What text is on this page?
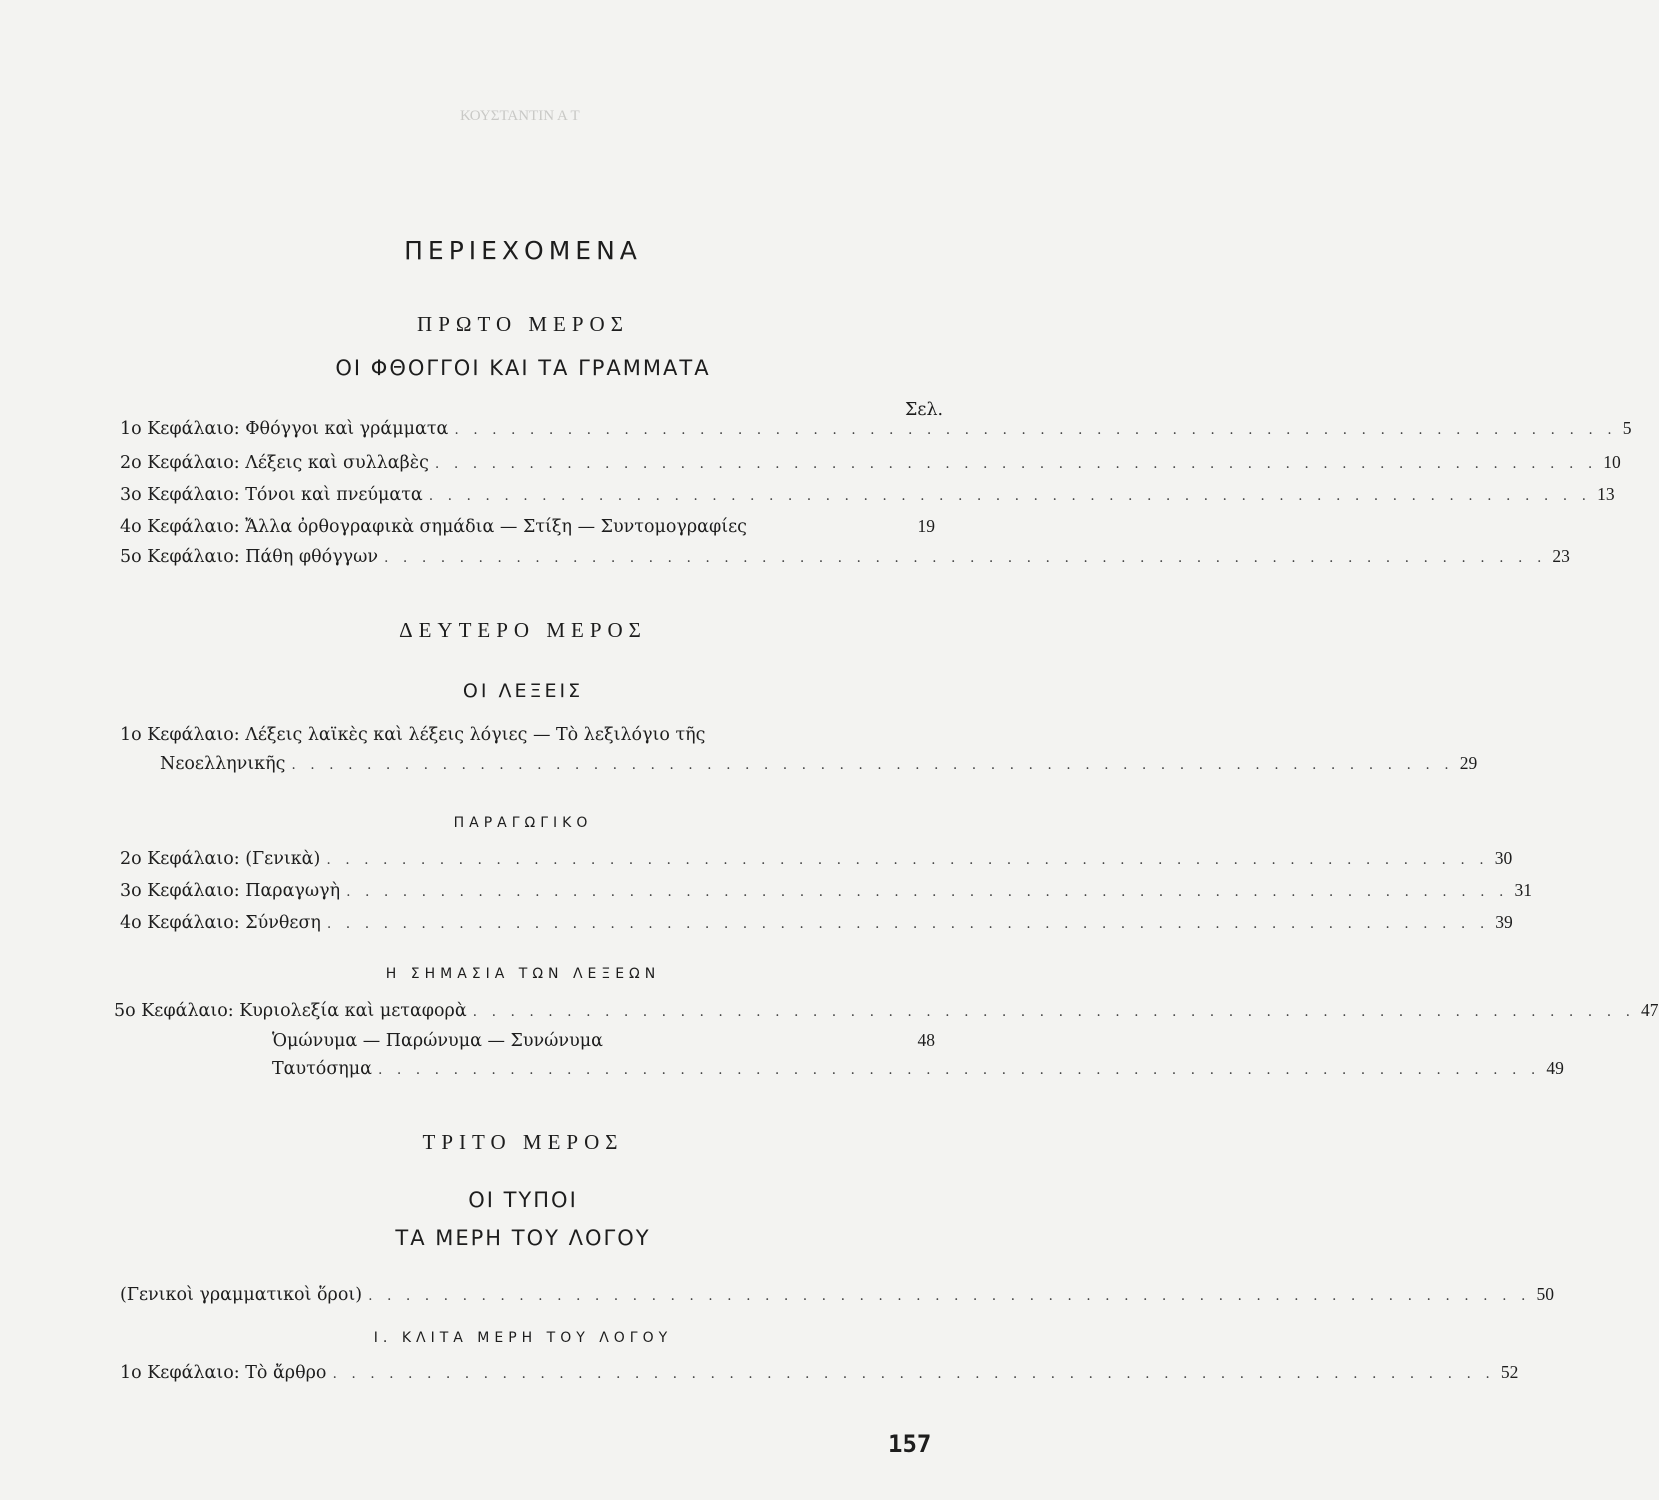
ΚΟΥΣΤΑΝΤΙΝ Α Τ
ΠΕΡΙΕΧΟΜΕΝΑ
ΠΡΩΤΟ ΜΕΡΟΣ
ΟΙ ΦΘΟΓΓΟΙ ΚΑΙ ΤΑ ΓΡΑΜΜΑΤΑ
Σελ.
1ο Κεφάλαιο: Φθόγγοι καὶ γράμματα . . . . . . . . . . . . . . . . . . . . . . . . . . . . . . . . . . . . . . . . . . . . . . . . . . . . . . . . . . . . . . 5
2ο Κεφάλαιο: Λέξεις καὶ συλλαβὲς . . . . . . . . . . . . . . . . . . . . . . . . . . . . . . . . . . . . . . . . . . . . . . . . . . . . . . . . . . . . . . 10
3ο Κεφάλαιο: Τόνοι καὶ πνεύματα . . . . . . . . . . . . . . . . . . . . . . . . . . . . . . . . . . . . . . . . . . . . . . . . . . . . . . . . . . . . . . 13
4ο Κεφάλαιο: Ἄλλα ὀρθογραφικὰ σημάδια — Στίξη — Συντομογραφίες	19
5ο Κεφάλαιο: Πάθη φθόγγων . . . . . . . . . . . . . . . . . . . . . . . . . . . . . . . . . . . . . . . . . . . . . . . . . . . . . . . . . . . . . . 23
ΔΕΥΤΕΡΟ ΜΕΡΟΣ
ΟΙ ΛΕΞΕΙΣ
1ο Κεφάλαιο: Λέξεις λαϊκὲς καὶ λέξεις λόγιες — Τὸ λεξιλόγιο τῆς
Νεοελληνικῆς . . . . . . . . . . . . . . . . . . . . . . . . . . . . . . . . . . . . . . . . . . . . . . . . . . . . . . . . . . . . . . 29
ΠΑΡΑΓΩΓΙΚΟ
2ο Κεφάλαιο: (Γενικὰ) . . . . . . . . . . . . . . . . . . . . . . . . . . . . . . . . . . . . . . . . . . . . . . . . . . . . . . . . . . . . . . 30
3ο Κεφάλαιο: Παραγωγὴ . . . . . . . . . . . . . . . . . . . . . . . . . . . . . . . . . . . . . . . . . . . . . . . . . . . . . . . . . . . . . . 31
4ο Κεφάλαιο: Σύνθεση . . . . . . . . . . . . . . . . . . . . . . . . . . . . . . . . . . . . . . . . . . . . . . . . . . . . . . . . . . . . . . 39
Η ΣΗΜΑΣΙΑ ΤΩΝ ΛΕΞΕΩΝ
5ο Κεφάλαιο: Κυριολεξία καὶ μεταφορὰ . . . . . . . . . . . . . . . . . . . . . . . . . . . . . . . . . . . . . . . . . . . . . . . . . . . . . . . . . . . . . . 47
Ὁμώνυμα — Παρώνυμα — Συνώνυμα	48
Ταυτόσημα . . . . . . . . . . . . . . . . . . . . . . . . . . . . . . . . . . . . . . . . . . . . . . . . . . . . . . . . . . . . . . 49
ΤΡΙΤΟ ΜΕΡΟΣ
ΟΙ ΤΥΠΟΙ
ΤΑ ΜΕΡΗ ΤΟΥ ΛΟΓΟΥ
(Γενικοὶ γραμματικοὶ ὅροι) . . . . . . . . . . . . . . . . . . . . . . . . . . . . . . . . . . . . . . . . . . . . . . . . . . . . . . . . . . . . . . 50
Ι. ΚΛΙΤΑ ΜΕΡΗ ΤΟΥ ΛΟΓΟΥ
1ο Κεφάλαιο: Τὸ ἄρθρο . . . . . . . . . . . . . . . . . . . . . . . . . . . . . . . . . . . . . . . . . . . . . . . . . . . . . . . . . . . . . . 52
157
